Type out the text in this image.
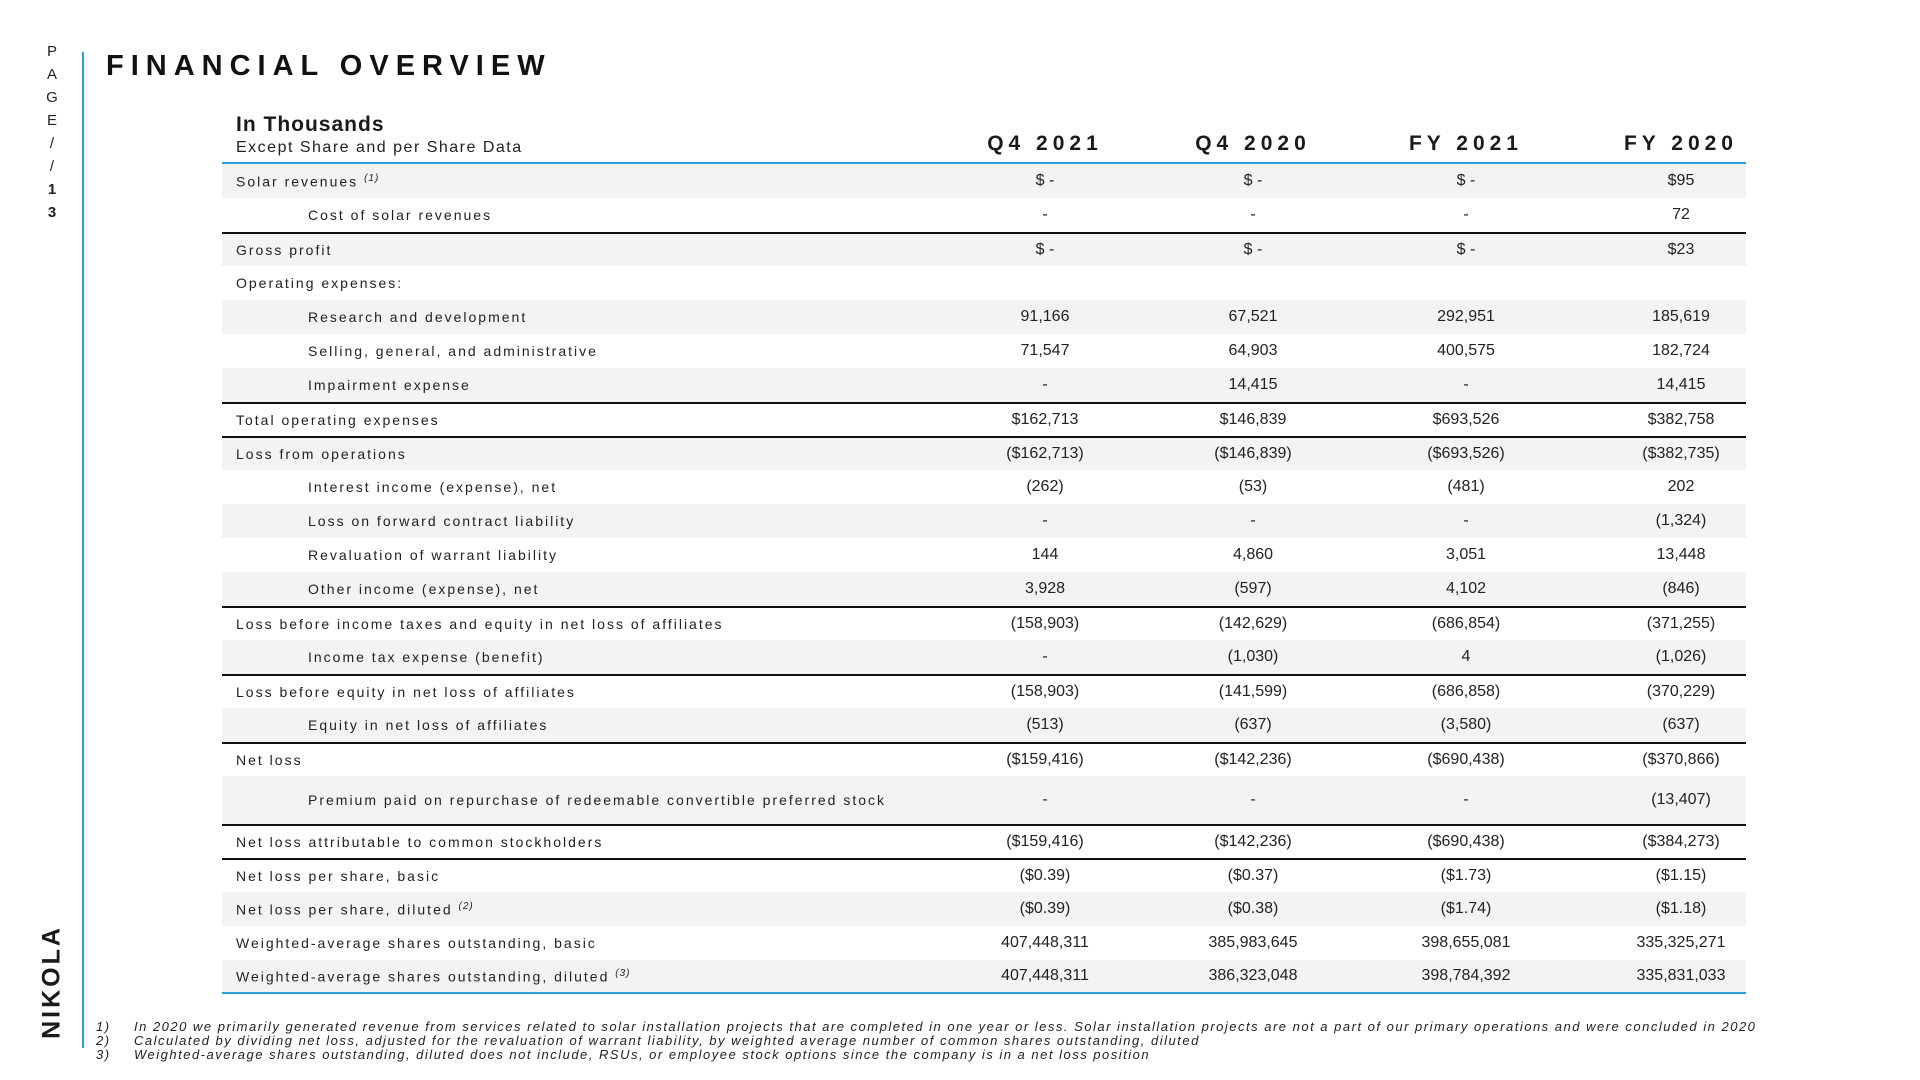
P
A
G
E
/
/
1
3
NIKOLA
FINANCIAL OVERVIEW
In Thousands
Except Share and per Share Data	Q4 2021	Q4 2020	FY 2021	FY 2020
Solar revenues $^{(1)}$	$ -	$ -	$ -	$95
Cost of solar revenues	-	-	-	72
Gross profit	$ -	$ -	$ -	$23
Operating expenses:
Research and development	91,166	67,521	292,951	185,619
Selling, general, and administrative	71,547	64,903	400,575	182,724
Impairment expense	-	14,415	-	14,415
Total operating expenses	$162,713	$146,839	$693,526	$382,758
Loss from operations	($162,713)	($146,839)	($693,526)	($382,735)
Interest income (expense), net	(262)	(53)	(481)	202
Loss on forward contract liability	-	-	-	(1,324)
Revaluation of warrant liability	144	4,860	3,051	13,448
Other income (expense), net	3,928	(597)	4,102	(846)
Loss before income taxes and equity in net loss of affiliates	(158,903)	(142,629)	(686,854)	(371,255)
Income tax expense (benefit)	-	(1,030)	4	(1,026)
Loss before equity in net loss of affiliates	(158,903)	(141,599)	(686,858)	(370,229)
Equity in net loss of affiliates	(513)	(637)	(3,580)	(637)
Net loss	($159,416)	($142,236)	($690,438)	($370,866)
Premium paid on repurchase of redeemable convertible preferred stock	-	-	-	(13,407)
Net loss attributable to common stockholders	($159,416)	($142,236)	($690,438)	($384,273)
Net loss per share, basic	($0.39)	($0.37)	($1.73)	($1.15)
Net loss per share, diluted $^{(2)}$	($0.39)	($0.38)	($1.74)	($1.18)
Weighted-average shares outstanding, basic	407,448,311	385,983,645	398,655,081	335,325,271
Weighted-average shares outstanding, diluted $^{(3)}$	407,448,311	386,323,048	398,784,392	335,831,033
1) In 2020 we primarily generated revenue from services related to solar installation projects that are completed in one year or less. Solar installation projects are not a part of our primary operations and were concluded in 2020
2) Calculated by dividing net loss, adjusted for the revaluation of warrant liability, by weighted average number of common shares outstanding, diluted
3) Weighted-average shares outstanding, diluted does not include, RSUs, or employee stock options since the company is in a net loss position
